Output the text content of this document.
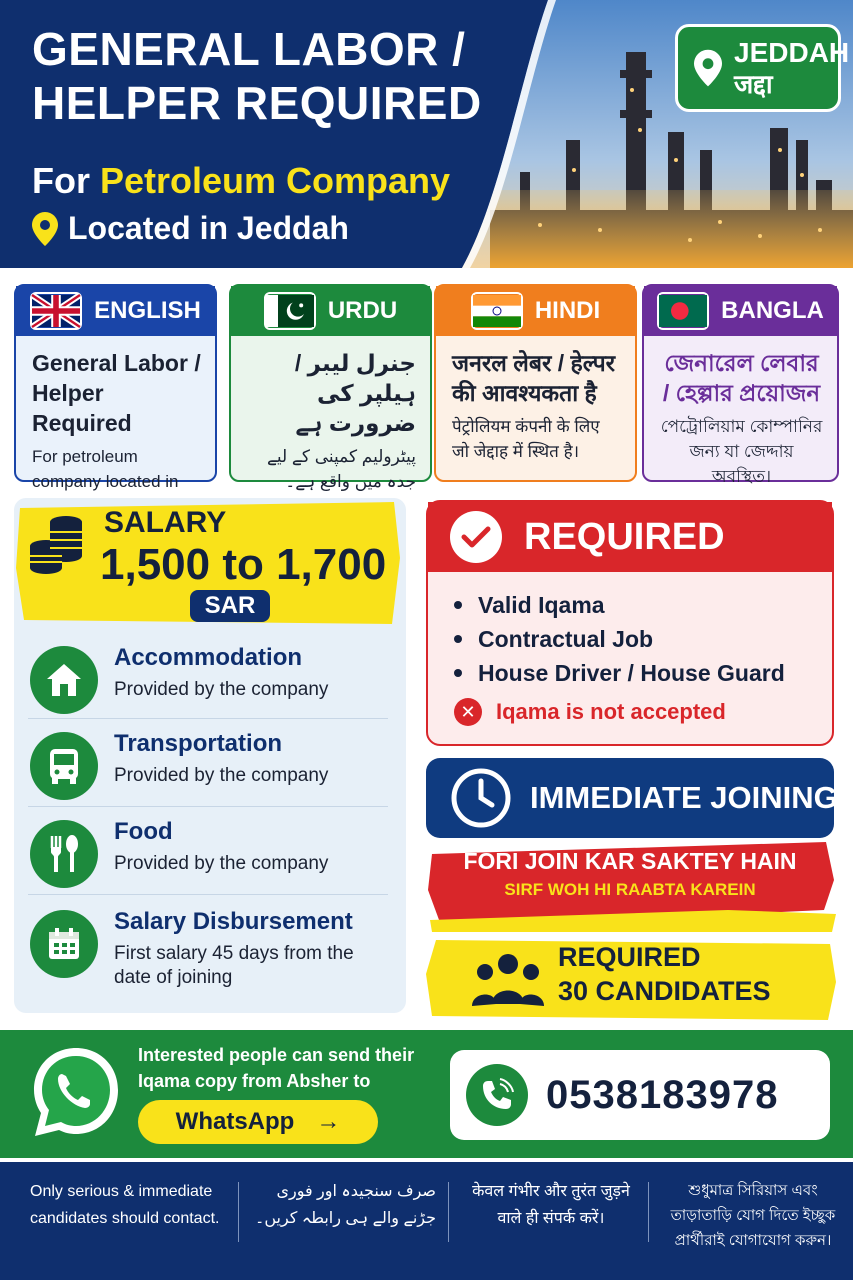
GENERAL LABOR /
HELPER REQUIRED
For Petroleum Company
Located in Jeddah
JEDDAH
जद्दा
ENGLISH
General Labor / Helper Required
For petroleum company located in
URDU
جنرل لیبر / ہیلپر کی ضرورت ہے
پیٹرولیم کمپنی کے لیے جدہ میں واقع ہے۔
HINDI
जनरल लेबर / हेल्पर की आवश्यकता है
पेट्रोलियम कंपनी के लिए जो जेद्दाह में स्थित है।
BANGLA
জেনারেল লেবার / হেল্পার প্রয়োজন
পেট্রোলিয়াম কোম্পানির জন্য যা জেদ্দায় অবস্থিত।
SALARY
1,500 to 1,700
SAR
Accommodation
Provided by the company
Transportation
Provided by the company
Food
Provided by the company
Salary Disbursement
First salary 45 days from the date of joining
REQUIRED
Valid Iqama
Contractual Job
House Driver / House Guard
✕ Iqama is not accepted
IMMEDIATE JOINING
FORI JOIN KAR SAKTEY HAIN
SIRF WOH HI RAABTA KAREIN
REQUIRED
30 CANDIDATES
Interested people can send their Iqama copy from Absher to
WhatsApp →
0538183978
Only serious & immediate candidates should contact.
صرف سنجیدہ اور فوری جڑنے والے ہی رابطہ کریں۔
केवल गंभीर और तुरंत जुड़ने वाले ही संपर्क करें।
শুধুমাত্র সিরিয়াস এবং তাড়াতাড়ি যোগ দিতে ইচ্ছুক প্রার্থীরাই যোগাযোগ করুন।
